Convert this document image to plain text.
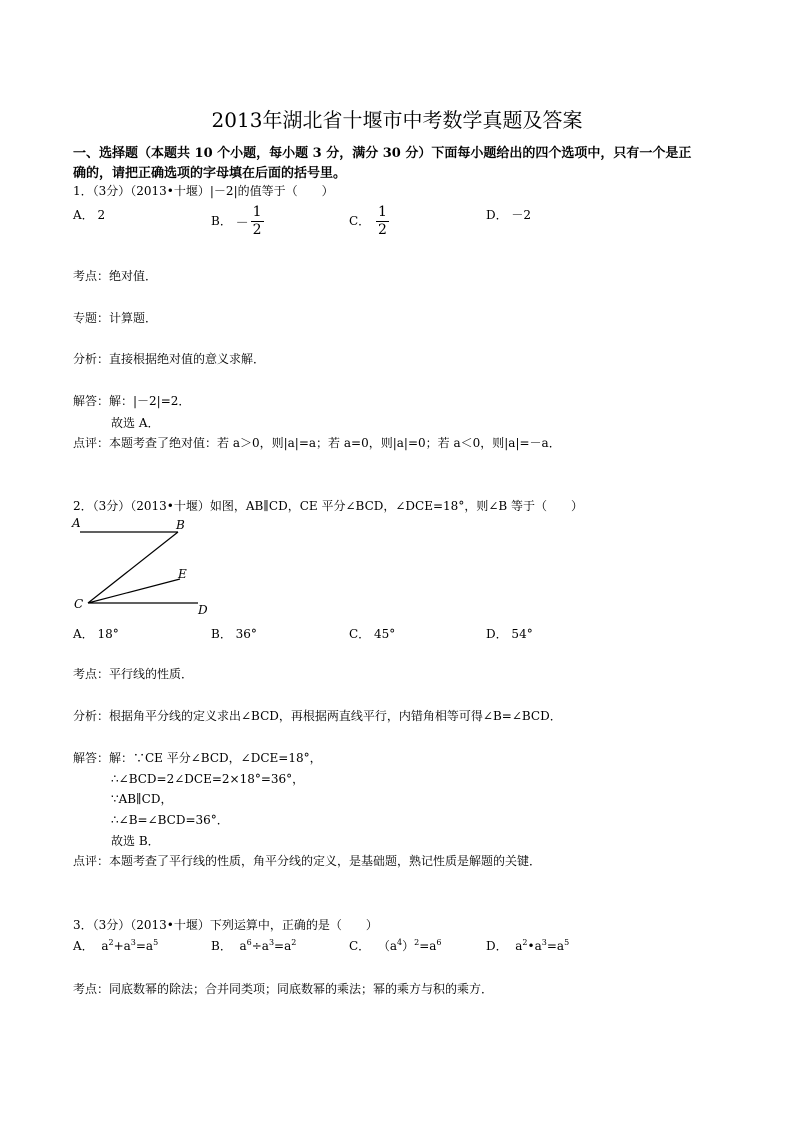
2013年湖北省十堰市中考数学真题及答案
一、选择题（本题共 10 个小题，每小题 3 分，满分 30 分）下面每小题给出的四个选项中，只有一个是正
确的，请把正确选项的字母填在后面的括号里。
1．（3分）（2013•十堰）|－2|的值等于（　　）
A． 2	B． － $\frac{1}{2}$	C． $\frac{1}{2}$	D． －2
考点：绝对值．
专题：计算题．
分析：直接根据绝对值的意义求解．
解答：解：|－2|=2．
故选 A．
点评：本题考查了绝对值：若 a＞0，则|a|=a；若 a=0，则|a|=0；若 a＜0，则|a|=－a．
2．（3分）（2013•十堰）如图，AB∥CD，CE 平分∠BCD，∠DCE=18°，则∠B 等于（　　）
A	B
E
C	D
A． 18°	B． 36°	C． 45°	D． 54°
考点：平行线的性质．
分析：根据角平分线的定义求出∠BCD，再根据两直线平行，内错角相等可得∠B=∠BCD．
解答：解：∵CE 平分∠BCD，∠DCE=18°，
∴∠BCD=2∠DCE=2×18°=36°，
∵AB∥CD，
∴∠B=∠BCD=36°．
故选 B．
点评：本题考查了平行线的性质，角平分线的定义，是基础题，熟记性质是解题的关键．
3．（3分）（2013•十堰）下列运算中，正确的是（　　）
A． $a^2+a^3=a^5$	B． $a^6\div a^3=a^2$	C． $(a^4)^2=a^6$	D． $a^2•a^3=a^5$
考点：同底数幂的除法；合并同类项；同底数幂的乘法；幂的乘方与积的乘方．
